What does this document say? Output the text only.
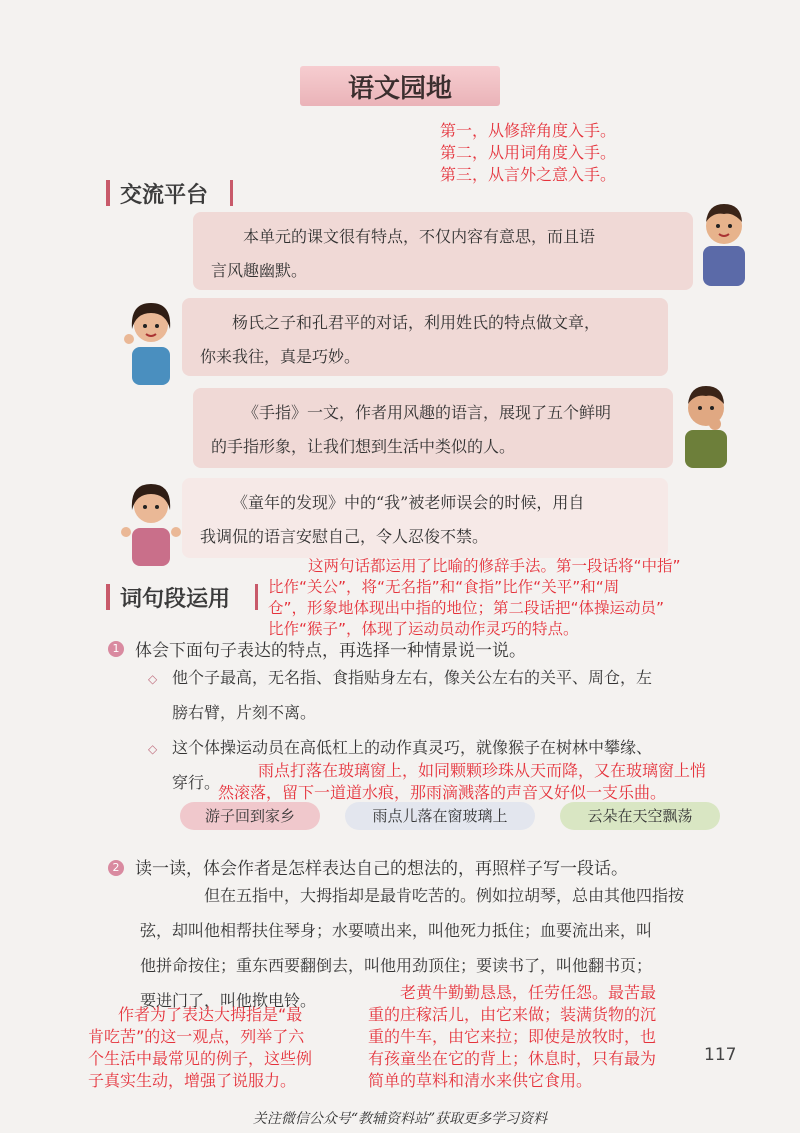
语文园地
第一，从修辞角度入手。
第二，从用词角度入手。
第三，从言外之意入手。
交流平台
本单元的课文很有特点，不仅内容有意思，而且语
言风趣幽默。
杨氏之子和孔君平的对话，利用姓氏的特点做文章，
你来我往，真是巧妙。
《手指》一文，作者用风趣的语言，展现了五个鲜明
的手指形象，让我们想到生活中类似的人。
《童年的发现》中的“我”被老师误会的时候，用自
我调侃的语言安慰自己，令人忍俊不禁。
词句段运用
这两句话都运用了比喻的修辞手法。第一段话将“中指”
比作“关公”，将“无名指”和“食指”比作“关平”和“周
仓”，形象地体现出中指的地位；第二段话把“体操运动员”
比作“猴子”，体现了运动员动作灵巧的特点。
1 体会下面句子表达的特点，再选择一种情景说一说。
◇ 他个子最高，无名指、食指贴身左右，像关公左右的关平、周仓，左
膀右臂，片刻不离。
◇ 这个体操运动员在高低杠上的动作真灵巧，就像猴子在树林中攀缘、
穿行。
雨点打落在玻璃窗上，如同颗颗珍珠从天而降，又在玻璃窗上悄
然滚落，留下一道道水痕，那雨滴溅落的声音又好似一支乐曲。
游子回到家乡	雨点儿落在窗玻璃上	云朵在天空飘荡
2 读一读，体会作者是怎样表达自己的想法的，再照样子写一段话。
但在五指中，大拇指却是最肯吃苦的。例如拉胡琴，总由其他四指按
弦，却叫他相帮扶住琴身；水要喷出来，叫他死力抵住；血要流出来，叫
他拼命按住；重东西要翻倒去，叫他用劲顶住；要读书了，叫他翻书页；
要进门了，叫他揿电铃。
作者为了表达大拇指是“最
肯吃苦”的这一观点，列举了六
个生活中最常见的例子，这些例
子真实生动，增强了说服力。
老黄牛勤勤恳恳，任劳任怨。最苦最
重的庄稼活儿，由它来做；装满货物的沉
重的牛车，由它来拉；即使是放牧时，也
有孩童坐在它的背上；休息时，只有最为
简单的草料和清水来供它食用。
117
关注微信公众号“教辅资料站”获取更多学习资料
